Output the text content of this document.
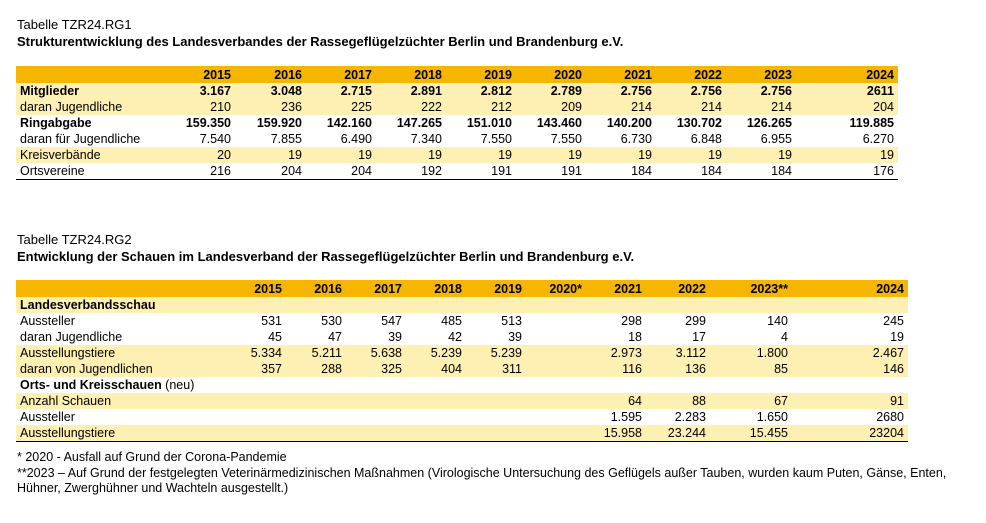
Tabelle TZR24.RG1
Strukturentwicklung des Landesverbandes der Rassegeflügelzüchter Berlin und Brandenburg e.V.
	2015	2016	2017	2018	2019	2020	2021	2022	2023	2024	
Mitglieder	3.167	3.048	2.715	2.891	2.812	2.789	2.756	2.756	2.756	2611	
daran Jugendliche	210	236	225	222	212	209	214	214	214	204	
Ringabgabe	159.350	159.920	142.160	147.265	151.010	143.460	140.200	130.702	126.265	119.885	
daran für Jugendliche	7.540	7.855	6.490	7.340	7.550	7.550	6.730	6.848	6.955	6.270	
Kreisverbände	20	19	19	19	19	19	19	19	19	19	
Ortsvereine	216	204	204	192	191	191	184	184	184	176	
Tabelle TZR24.RG2
Entwicklung der Schauen im Landesverband der Rassegeflügelzüchter Berlin und Brandenburg e.V.
	2015	2016	2017	2018	2019	2020*	2021	2022	2023**	2024	
Landesverbandsschau											
Aussteller	531	530	547	485	513		298	299	140	245	
daran Jugendliche	45	47	39	42	39		18	17	4	19	
Ausstellungstiere	5.334	5.211	5.638	5.239	5.239		2.973	3.112	1.800	2.467	
daran von Jugendlichen	357	288	325	404	311		116	136	85	146	
Orts- und Kreisschauen (neu)											
Anzahl Schauen							64	88	67	91	
Aussteller							1.595	2.283	1.650	2680	
Ausstellungstiere							15.958	23.244	15.455	23204	
* 2020 - Ausfall auf Grund der Corona-Pandemie
**2023 – Auf Grund der festgelegten Veterinärmedizinischen Maßnahmen (Virologische Untersuchung des Geflügels außer Tauben, wurden kaum Puten, Gänse, Enten, Hühner, Zwerghühner und Wachteln ausgestellt.)
